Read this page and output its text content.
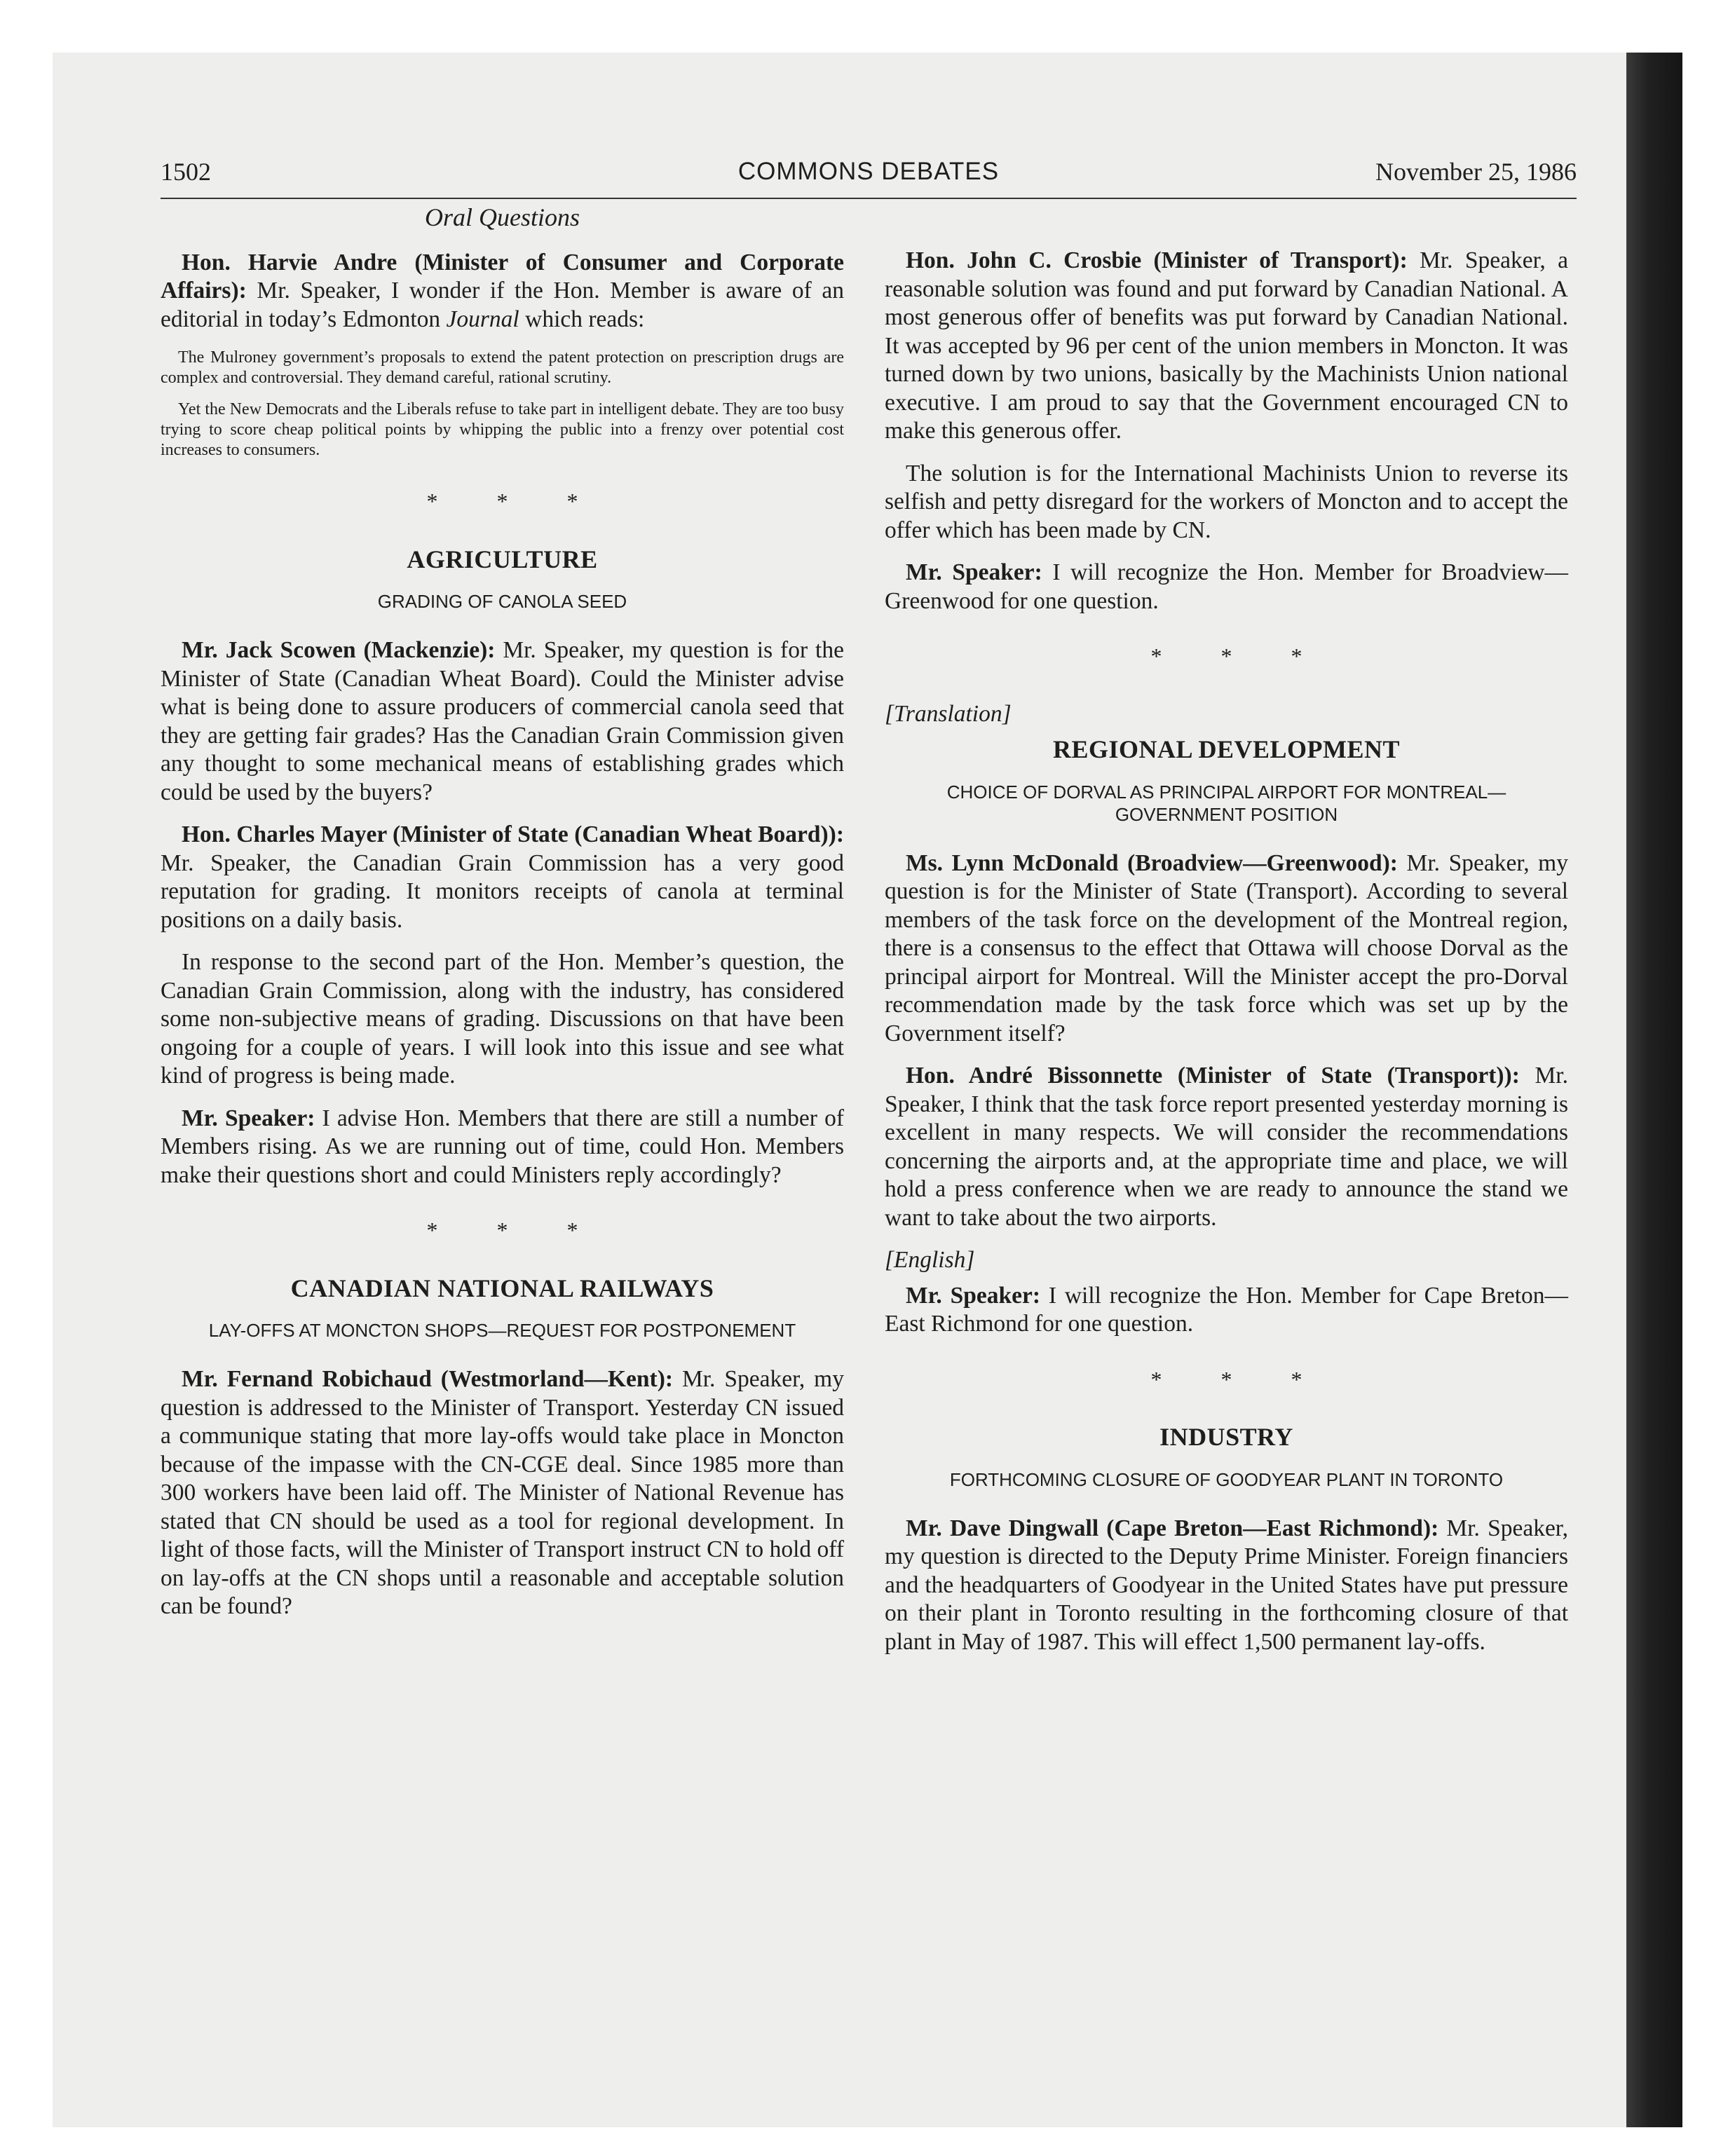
1502	COMMONS DEBATES	November 25, 1986
Oral Questions

Hon. Harvie Andre (Minister of Consumer and Corporate Affairs): Mr. Speaker, I wonder if the Hon. Member is aware of an editorial in today’s Edmonton Journal which reads:

The Mulroney government’s proposals to extend the patent protection on prescription drugs are complex and controversial. They demand careful, rational scrutiny.

Yet the New Democrats and the Liberals refuse to take part in intelligent debate. They are too busy trying to score cheap political points by whipping the public into a frenzy over potential cost increases to consumers.

* * *
AGRICULTURE
GRADING OF CANOLA SEED

Mr. Jack Scowen (Mackenzie): Mr. Speaker, my question is for the Minister of State (Canadian Wheat Board). Could the Minister advise what is being done to assure producers of commercial canola seed that they are getting fair grades? Has the Canadian Grain Commission given any thought to some mechanical means of establishing grades which could be used by the buyers?

Hon. Charles Mayer (Minister of State (Canadian Wheat Board)): Mr. Speaker, the Canadian Grain Commission has a very good reputation for grading. It monitors receipts of canola at terminal positions on a daily basis.

In response to the second part of the Hon. Member’s question, the Canadian Grain Commission, along with the industry, has considered some non-subjective means of grading. Discussions on that have been ongoing for a couple of years. I will look into this issue and see what kind of progress is being made.

Mr. Speaker: I advise Hon. Members that there are still a number of Members rising. As we are running out of time, could Hon. Members make their questions short and could Ministers reply accordingly?

* * *
CANADIAN NATIONAL RAILWAYS
LAY-OFFS AT MONCTON SHOPS—REQUEST FOR POSTPONEMENT

Mr. Fernand Robichaud (Westmorland—Kent): Mr. Speaker, my question is addressed to the Minister of Transport. Yesterday CN issued a communique stating that more lay-offs would take place in Moncton because of the impasse with the CN-CGE deal. Since 1985 more than 300 workers have been laid off. The Minister of National Revenue has stated that CN should be used as a tool for regional development. In light of those facts, will the Minister of Transport instruct CN to hold off on lay-offs at the CN shops until a reasonable and acceptable solution can be found?

Hon. John C. Crosbie (Minister of Transport): Mr. Speaker, a reasonable solution was found and put forward by Canadian National. A most generous offer of benefits was put forward by Canadian National. It was accepted by 96 per cent of the union members in Moncton. It was turned down by two unions, basically by the Machinists Union national executive. I am proud to say that the Government encouraged CN to make this generous offer.

The solution is for the International Machinists Union to reverse its selfish and petty disregard for the workers of Moncton and to accept the offer which has been made by CN.

Mr. Speaker: I will recognize the Hon. Member for Broadview—Greenwood for one question.

* * *

[Translation]

REGIONAL DEVELOPMENT
CHOICE OF DORVAL AS PRINCIPAL AIRPORT FOR MONTREAL—GOVERNMENT POSITION

Ms. Lynn McDonald (Broadview—Greenwood): Mr. Speaker, my question is for the Minister of State (Transport). According to several members of the task force on the development of the Montreal region, there is a consensus to the effect that Ottawa will choose Dorval as the principal airport for Montreal. Will the Minister accept the pro-Dorval recommendation made by the task force which was set up by the Government itself?

Hon. André Bissonnette (Minister of State (Transport)): Mr. Speaker, I think that the task force report presented yesterday morning is excellent in many respects. We will consider the recommendations concerning the airports and, at the appropriate time and place, we will hold a press conference when we are ready to announce the stand we want to take about the two airports.

[English]

Mr. Speaker: I will recognize the Hon. Member for Cape Breton—East Richmond for one question.

* * *
INDUSTRY
FORTHCOMING CLOSURE OF GOODYEAR PLANT IN TORONTO

Mr. Dave Dingwall (Cape Breton—East Richmond): Mr. Speaker, my question is directed to the Deputy Prime Minister. Foreign financiers and the headquarters of Goodyear in the United States have put pressure on their plant in Toronto resulting in the forthcoming closure of that plant in May of 1987. This will effect 1,500 permanent lay-offs.
